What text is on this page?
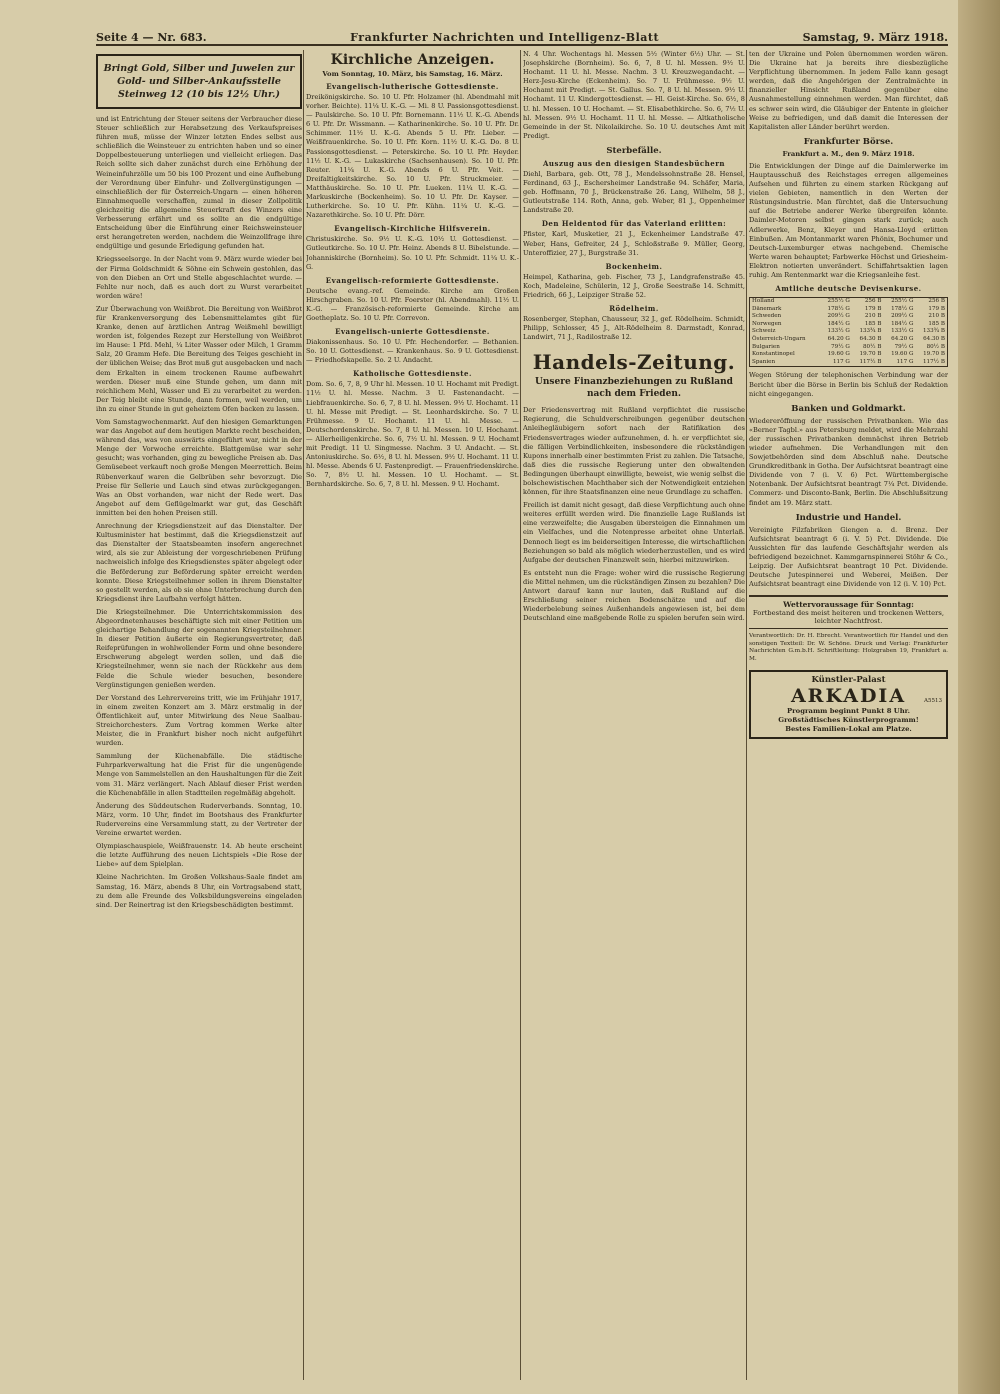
Seite 4 — Nr. 683.	Frankfurter Nachrichten und Intelligenz-Blatt	Samstag, 9. März 1918.
Bringt Gold, Silber und Juwelen zur Gold- und Silber-Ankaufsstelle Steinweg 12 (10 bis 12½ Uhr.)

und ist Entrichtung der Steuer seitens der Verbraucher diese Steuer schließlich zur Herabsetzung des Verkaufspreises führen muß, müsse der Winzer letzten Endes selbst aus schließlich die Weinsteuer zu entrichten haben und so einer Doppelbesteuerung unterliegen und vielleicht erliegen. Das Reich sollte sich daher zunächst durch eine Erhöhung der Weineinfuhrzölle um 50 bis 100 Prozent und eine Aufhebung der Verordnung über Einfuhr- und Zollvergünstigungen — einschließlich der für Österreich-Ungarn — einen höheren Einnahmequelle verschaffen, zumal in dieser Zollpolitik gleichzeitig die allgemeine Steuerkraft des Winzers eine Verbesserung erfährt und es sollte an die endgültige Entscheidung über die Einführung einer Reichsweinsteuer erst herangetreten werden, nachdem die Weinzollfrage ihre endgültige und gesunde Erledigung gefunden hat.

Kriegsseelsorge. In der Nacht vom 9. März wurde wieder bei der Firma Goldschmidt & Söhne ein Schwein gestohlen, das von den Dieben an Ort und Stelle abgeschlachtet wurde. — Fehlte nur noch, daß es auch dort zu Wurst verarbeitet worden wäre!

Zur Überwachung von Weißbrot. Die Bereitung von Weißbrot für Krankenversorgung des Lebensmittelamtes gibt für Kranke, denen auf ärztlichen Antrag Weißmehl bewilligt worden ist, folgendes Rezept zur Herstellung von Weißbrot im Hause: 1 Pfd. Mehl, ¼ Liter Wasser oder Milch, 1 Gramm Salz, 20 Gramm Hefe. Die Bereitung des Teiges geschieht in der üblichen Weise; das Brot muß gut ausgebacken und nach dem Erkalten in einem trockenen Raume aufbewahrt werden. Dieser muß eine Stunde gehen, um dann mit reichlichem Mehl, Wasser und Ei zu verarbeitet zu werden. Der Teig bleibt eine Stunde, dann formen, weil werden, um ihn zu einer Stunde in gut geheiztem Ofen backen zu lassen.

Vom Samstagwochenmarkt. Auf den hiesigen Gemarktungen war das Angebot auf dem heutigen Markte recht bescheiden, während das, was von auswärts eingeführt war, nicht in der Menge der Vorwoche erreichte. Blattgemüse war sehr gesucht; was vorhanden, ging zu bewegliche Preisen ab. Das Gemüsebeet verkauft noch große Mengen Meerrettich. Beim Rübenverkauf waren die Gelbrüben sehr bevorzugt. Die Preise für Sellerie und Lauch sind etwas zurückgegangen. Was an Obst vorhanden, war nicht der Rede wert. Das Angebot auf dem Geflügelmarkt war gut, das Geschäft inmitten bei den hohen Preisen still.

Anrechnung der Kriegsdienstzeit auf das Dienstalter. Der Kultusminister hat bestimmt, daß die Kriegsdienstzeit auf das Dienstalter der Staatsbeamten insofern angerechnet wird, als sie zur Ableistung der vorgeschriebenen Prüfung nachweislich infolge des Kriegsdienstes später abgelegt oder die Beförderung zur Beförderung später erreicht werden konnte. Diese Kriegsteilnehmer sollen in ihrem Dienstalter so gestellt werden, als ob sie ohne Unterbrechung durch den Kriegsdienst ihre Laufbahn verfolgt hätten.

Die Kriegsteilnehmer. Die Unterrichtskommission des Abgeordnetenhauses beschäftigte sich mit einer Petition um gleichartige Behandlung der sogenannten Kriegsteilnehmer. In dieser Petition äußerte ein Regierungsvertreter, daß Reifeprüfungen in wohlwollender Form und ohne besondere Erschwerung abgelegt werden sollen, und daß die Kriegsteilnehmer, wenn sie nach der Rückkehr aus dem Felde die Schule wieder besuchen, besondere Vergünstigungen genießen werden.

Der Vorstand des Lehrervereins tritt, wie im Frühjahr 1917, in einem zweiten Konzert am 3. März erstmalig in der Öffentlichkeit auf, unter Mitwirkung des Neue Saalbau-Streichorchesters. Zum Vortrag kommen Werke alter Meister, die in Frankfurt bisher noch nicht aufgeführt wurden.

Sammlung der Küchenabfälle. Die städtische Fuhrparkverwaltung hat die Frist für die ungenügende Menge von Sammelstellen an den Haushaltungen für die Zeit vom 31. März verlängert. Nach Ablauf dieser Frist werden die Küchenabfälle in allen Stadtteilen regelmäßig abgeholt.

Änderung des Süddeutschen Ruderverbands. Sonntag, 10. März, vorm. 10 Uhr, findet im Bootshaus des Frankfurter Rudervereins eine Versammlung statt, zu der Vertreter der Vereine erwartet werden.

Olympiaschauspiele, Weißfrauenstr. 14. Ab heute erscheint die letzte Aufführung des neuen Lichtspiels «Die Rose der Liebe» auf dem Spielplan.

Kleine Nachrichten. Im Großen Volkshaus-Saale findet am Samstag, 16. März, abends 8 Uhr, ein Vortragsabend statt, zu dem alle Freunde des Volksbildungsvereins eingeladen sind. Der Reinertrag ist den Kriegsbeschädigten bestimmt.

Kirchliche Anzeigen.
Vom Sonntag, 10. März, bis Samstag, 16. März.
Evangelisch-lutherische Gottesdienste.

Dreikönigskirche. So. 10 U. Pfr. Holzamer (hl. Abendmahl mit vorher. Beichte). 11¼ U. K.-G. — Mi. 8 U. Passionsgottesdienst. — Paulskirche. So. 10 U. Pfr. Bornemann. 11½ U. K.-G. Abends 6 U. Pfr. Dr. Wissmann. — Katharinenkirche. So. 10 U. Pfr. Dr. Schimmer. 11½ U. K.-G. Abends 5 U. Pfr. Lieber. — Weißfrauenkirche. So. 10 U. Pfr. Korn. 11½ U. K.-G. Do. 8 U. Passionsgottesdienst. — Peterskirche. So. 10 U. Pfr. Heyder. 11½ U. K.-G. — Lukaskirche (Sachsenhausen). So. 10 U. Pfr. Reuter. 11¼ U. K.-G. Abends 6 U. Pfr. Veit. — Dreifaltigkeitskirche. So. 10 U. Pfr. Struckmeier. — Matthäuskirche. So. 10 U. Pfr. Lueken. 11¼ U. K.-G. — Markuskirche (Bockenheim). So. 10 U. Pfr. Dr. Kayser. — Lutherkirche. So. 10 U. Pfr. Kühn. 11¼ U. K.-G. — Nazarethkirche. So. 10 U. Pfr. Dörr.

Evangelisch-Kirchliche Hilfsverein.

Christuskirche. So. 9½ U. K.-G. 10½ U. Gottesdienst. — Gutleutkirche. So. 10 U. Pfr. Heinz. Abends 8 U. Bibelstunde. — Johanniskirche (Bornheim). So. 10 U. Pfr. Schmidt. 11¼ U. K.-G.

Evangelisch-reformierte Gottesdienste.

Deutsche evang.-ref. Gemeinde. Kirche am Großen Hirschgraben. So. 10 U. Pfr. Foerster (hl. Abendmahl). 11½ U. K.-G. — Französisch-reformierte Gemeinde. Kirche am Goetheplatz. So. 10 U. Pfr. Correvon.

Evangelisch-unierte Gottesdienste.

Diakonissenhaus. So. 10 U. Pfr. Hechendorfer. — Bethanien. So. 10 U. Gottesdienst. — Krankenhaus. So. 9 U. Gottesdienst. — Friedhofskapelle. So. 2 U. Andacht.

Katholische Gottesdienste.

Dom. So. 6, 7, 8, 9 Uhr hl. Messen. 10 U. Hochamt mit Predigt. 11½ U. hl. Messe. Nachm. 3 U. Fastenandacht. — Liebfrauenkirche. So. 6, 7, 8 U. hl. Messen. 9½ U. Hochamt. 11 U. hl. Messe mit Predigt. — St. Leonhardskirche. So. 7 U. Frühmesse. 9 U. Hochamt. 11 U. hl. Messe. — Deutschordenskirche. So. 7, 8 U. hl. Messen. 10 U. Hochamt. — Allerheiligenkirche. So. 6, 7½ U. hl. Messen. 9 U. Hochamt mit Predigt. 11 U. Singmesse. Nachm. 3 U. Andacht. — St. Antoniuskirche. So. 6½, 8 U. hl. Messen. 9½ U. Hochamt. 11 U. hl. Messe. Abends 6 U. Fastenpredigt. — Frauenfriedenskirche. So. 7, 8½ U. hl. Messen. 10 U. Hochamt. — St. Bernhardskirche. So. 6, 7, 8 U. hl. Messen. 9 U. Hochamt.

N. 4 Uhr. Wochentags hl. Messen 5½ (Winter 6½) Uhr. — St. Josephskirche (Bornheim). So. 6, 7, 8 U. hl. Messen. 9½ U. Hochamt. 11 U. hl. Messe. Nachm. 3 U. Kreuzwegandacht. — Herz-Jesu-Kirche (Eckenheim). So. 7 U. Frühmesse. 9½ U. Hochamt mit Predigt. — St. Gallus. So. 7, 8 U. hl. Messen. 9½ U. Hochamt. 11 U. Kindergottesdienst. — Hl. Geist-Kirche. So. 6½, 8 U. hl. Messen. 10 U. Hochamt. — St. Elisabethkirche. So. 6, 7½ U. hl. Messen. 9½ U. Hochamt. 11 U. hl. Messe. — Altkatholische Gemeinde in der St. Nikolaikirche. So. 10 U. deutsches Amt mit Predigt.

Sterbefälle.
Auszug aus den diesigen Standesbüchern

Diehl, Barbara, geb. Ott, 78 J., Mendelssohnstraße 28. Hensel, Ferdinand, 63 J., Eschersheimer Landstraße 94. Schäfer, Maria, geb. Hoffmann, 70 J., Brückenstraße 26. Lang, Wilhelm, 58 J., Gutleutstraße 114. Roth, Anna, geb. Weber, 81 J., Oppenheimer Landstraße 20.

Den Heldentod für das Vaterland erlitten:

Pfister, Karl, Musketier, 21 J., Eckenheimer Landstraße 47. Weber, Hans, Gefreiter, 24 J., Schloßstraße 9. Müller, Georg, Unteroffizier, 27 J., Burgstraße 31.

Bockenheim.

Heimpel, Katharina, geb. Fischer, 73 J., Landgrafenstraße 45. Koch, Madeleine, Schülerin, 12 J., Große Seestraße 14. Schmitt, Friedrich, 66 J., Leipziger Straße 52.

Rödelheim.

Rosenberger, Stephan, Chausseur, 32 J., gef. Rödelheim. Schmidt, Philipp, Schlosser, 45 J., Alt-Rödelheim 8. Darmstadt, Konrad, Landwirt, 71 J., Radilostraße 12.

Handels-Zeitung.
Unsere Finanzbeziehungen zu Rußland nach dem Frieden.

Der Friedensvertrag mit Rußland verpflichtet die russische Regierung, die Schuldverschreibungen gegenüber deutschen Anleihegläubigern sofort nach der Ratifikation des Friedensvertrages wieder aufzunehmen, d. h. er verpflichtet sie, die fälligen Verbindlichkeiten, insbesondere die rückständigen Kupons innerhalb einer bestimmten Frist zu zahlen. Die Tatsache, daß dies die russische Regierung unter den obwaltenden Bedingungen überhaupt einwilligte, beweist, wie wenig selbst die bolschewistischen Machthaber sich der Notwendigkeit entziehen können, für ihre Staatsfinanzen eine neue Grundlage zu schaffen.

Freilich ist damit nicht gesagt, daß diese Verpflichtung auch ohne weiteres erfüllt werden wird. Die finanzielle Lage Rußlands ist eine verzweifelte; die Ausgaben übersteigen die Einnahmen um ein Vielfaches, und die Notenpresse arbeitet ohne Unterlaß. Dennoch liegt es im beiderseitigen Interesse, die wirtschaftlichen Beziehungen so bald als möglich wiederherzustellen, und es wird Aufgabe der deutschen Finanzwelt sein, hierbei mitzuwirken.

Es entsteht nun die Frage: woher wird die russische Regierung die Mittel nehmen, um die rückständigen Zinsen zu bezahlen? Die Antwort darauf kann nur lauten, daß Rußland auf die Erschließung seiner reichen Bodenschätze und auf die Wiederbelebung seines Außenhandels angewiesen ist, bei dem Deutschland eine maßgebende Rolle zu spielen berufen sein wird.

ten der Ukraine und Polen übernommen worden wären. Die Ukraine hat ja bereits ihre diesbezügliche Verpflichtung übernommen. In jedem Falle kann gesagt werden, daß die Angehörigen der Zentralmächte in finanzieller Hinsicht Rußland gegenüber eine Ausnahmestellung einnehmen werden. Man fürchtet, daß es schwer sein wird, die Gläubiger der Entente in gleicher Weise zu befriedigen, und daß damit die Interessen der Kapitalisten aller Länder berührt werden.

Frankfurter Börse.
Frankfurt a. M., den 9. März 1918.

Die Entwicklungen der Dinge auf die Daimlerwerke im Hauptausschuß des Reichstages erregen allgemeines Aufsehen und führten zu einem starken Rückgang auf vielen Gebieten, namentlich in den Werten der Rüstungsindustrie. Man fürchtet, daß die Untersuchung auf die Betriebe anderer Werke übergreifen könnte. Daimler-Motoren selbst gingen stark zurück; auch Adlerwerke, Benz, Kleyer und Hansa-Lloyd erlitten Einbußen. Am Montanmarkt waren Phönix, Bochumer und Deutsch-Luxemburger etwas nachgebend. Chemische Werte waren behauptet; Farbwerke Höchst und Griesheim-Elektron notierten unverändert. Schiffahrtsaktien lagen ruhig. Am Rentenmarkt war die Kriegsanleihe fest.

Amtliche deutsche Devisenkurse.
Holland	255½ G	256 B	255½ G	256 B
Dänemark	178½ G	179 B	178½ G	179 B
Schweden	209½ G	210 B	209½ G	210 B
Norwegen	184½ G	185 B	184½ G	185 B
Schweiz	133½ G	133¾ B	133½ G	133¾ B
Österreich-Ungarn	64.20 G	64.30 B	64.20 G	64.30 B
Bulgarien	79½ G	80½ B	79½ G	80½ B
Konstantinopel	19.60 G	19.70 B	19.60 G	19.70 B
Spanien	117 G	117½ B	117 G	117½ B

Wegen Störung der telephonischen Verbindung war der Bericht über die Börse in Berlin bis Schluß der Redaktion nicht eingegangen.

Banken und Goldmarkt.

Wiedereröffnung der russischen Privatbanken. Wie das «Berner Tagbl.» aus Petersburg meldet, wird die Mehrzahl der russischen Privatbanken demnächst ihren Betrieb wieder aufnehmen. Die Verhandlungen mit den Sowjetbehörden sind dem Abschluß nahe. Deutsche Grundkreditbank in Gotha. Der Aufsichtsrat beantragt eine Dividende von 7 (i. V. 6) Pct. Württembergische Notenbank. Der Aufsichtsrat beantragt 7¼ Pct. Dividende. Commerz- und Disconto-Bank, Berlin. Die Abschlußsitzung findet am 19. März statt.

Industrie und Handel.

Vereinigte Filzfabriken Giengen a. d. Brenz. Der Aufsichtsrat beantragt 6 (i. V. 5) Pct. Dividende. Die Aussichten für das laufende Geschäftsjahr werden als befriedigend bezeichnet. Kammgarnspinnerei Stöhr & Co., Leipzig. Der Aufsichtsrat beantragt 10 Pct. Dividende. Deutsche Jutespinnerei und Weberei, Meißen. Der Aufsichtsrat beantragt eine Dividende von 12 (i. V. 10) Pct.

Wettervoraussage für Sonntag:
Fortbestand des meist heiteren und trockenen Wetters, leichter Nachtfrost.
Verantwortlich: Dr. H. Ebrecht. Verantwortlich für Handel und den sonstigen Textteil: Dr. W. Schöne. Druck und Verlag: Frankfurter Nachrichten G.m.b.H. Schriftleitung: Holzgraben 19, Frankfurt a. M.
Künstler-Palast
ARKADIA	A5513
Programm beginnt Punkt 8 Uhr.
Großstädtisches Künstlerprogramm!
Bestes Familien-Lokal am Platze.
